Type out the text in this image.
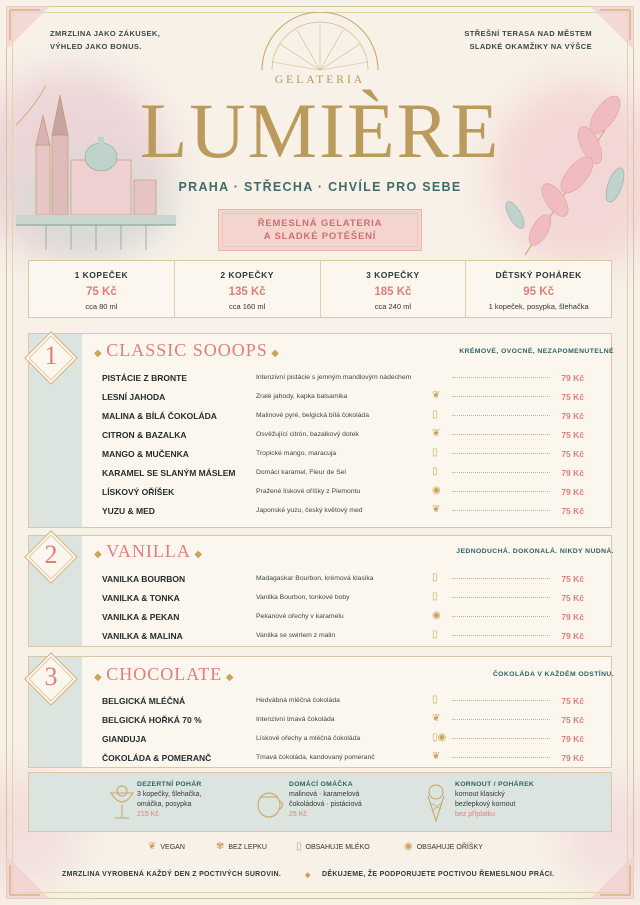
ZMRZLINA JAKO ZÁKUSEK,
VÝHLED JAKO BONUS.
STŘEŠNÍ TERASA NAD MĚSTEM
SLADKÉ OKAMŽIKY NA VÝŠCE
GELATERIA
LUMIÈRE
PRAHA · STŘECHA · CHVÍLE PRO SEBE
ŘEMESLNÁ GELATERIA
A SLADKÉ POTĚŠENÍ
1 KOPEČEK
75 Kč
cca 80 ml
2 KOPEČKY
135 Kč
cca 160 ml
3 KOPEČKY
185 Kč
cca 240 ml
DĚTSKÝ POHÁREK
95 Kč
1 kopeček, posypka, šlehačka
1	◆ CLASSIC SOOOPS ◆	KRÉMOVÉ, OVOCNÉ, NEZAPOMENUTELNÉ
PISTÁCIE Z BRONTE	Intenzivní pistácie s jemným mandlovým nádechem	79 Kč
LESNÍ JAHODA	Zralé jahody, kapka balsamika	❦	75 Kč
MALINA & BÍLÁ ČOKOLÁDA	Malinové pyré, belgická bílá čokoláda	▯	79 Kč
CITRON & BAZALKA	Osvěžující citrón, bazalkový dotek	❦	75 Kč
MANGO & MUČENKA	Tropické mango, maracuja	▯	75 Kč
KARAMEL SE SLANÝM MÁSLEM	Domácí karamel, Fleur de Sel	▯	79 Kč
LÍSKOVÝ OŘÍŠEK	Pražené lískové oříšky z Piemontu	◉	79 Kč
YUZU & MED	Japonské yuzu, český květový med	❦	75 Kč
2	◆ VANILLA ◆	JEDNODUCHÁ. DOKONALÁ. NIKDY NUDNÁ.
VANILKA BOURBON	Madagaskar Bourbon, krémová klasika	▯	75 Kč
VANILKA & TONKA	Vanilka Bourbon, tonkové boby	▯	75 Kč
VANILKA & PEKAN	Pekanové ořechy v karamelu	◉	79 Kč
VANILKA & MALINA	Vanilka se swirlem z malin	▯	79 Kč
3	◆ CHOCOLATE ◆	ČOKOLÁDA V KAŽDÉM ODSTÍNU.
BELGICKÁ MLÉČNÁ	Hedvábná mléčná čokoláda	▯	75 Kč
BELGICKÁ HOŘKÁ 70 %	Intenzivní tmavá čokoláda	❦	75 Kč
GIANDUJA	Lískové ořechy a mléčná čokoláda	▯◉	79 Kč
ČOKOLÁDA & POMERANČ	Tmavá čokoláda, kandovaný pomeranč	❦	79 Kč
DEZERTNÍ POHÁR
3 kopečky, šlehačka,
omáčka, posypka
215 Kč
DOMÁCÍ OMÁČKA
malinová · karamelová
čokoládová · pistáciová
25 Kč
KORNOUT / POHÁREK
kornout klasický
bezlepkový kornout
bez příplatku
❦ VEGAN	✾ BEZ LEPKU	▯ OBSAHUJE MLÉKO	◉ OBSAHUJE OŘÍŠKY
ZMRZLINA VYROBENÁ KAŽDÝ DEN Z POCTIVÝCH SUROVIN.	◆ DĚKUJEME, ŽE PODPORUJETE POCTIVOU ŘEMESLNOU PRÁCI.
